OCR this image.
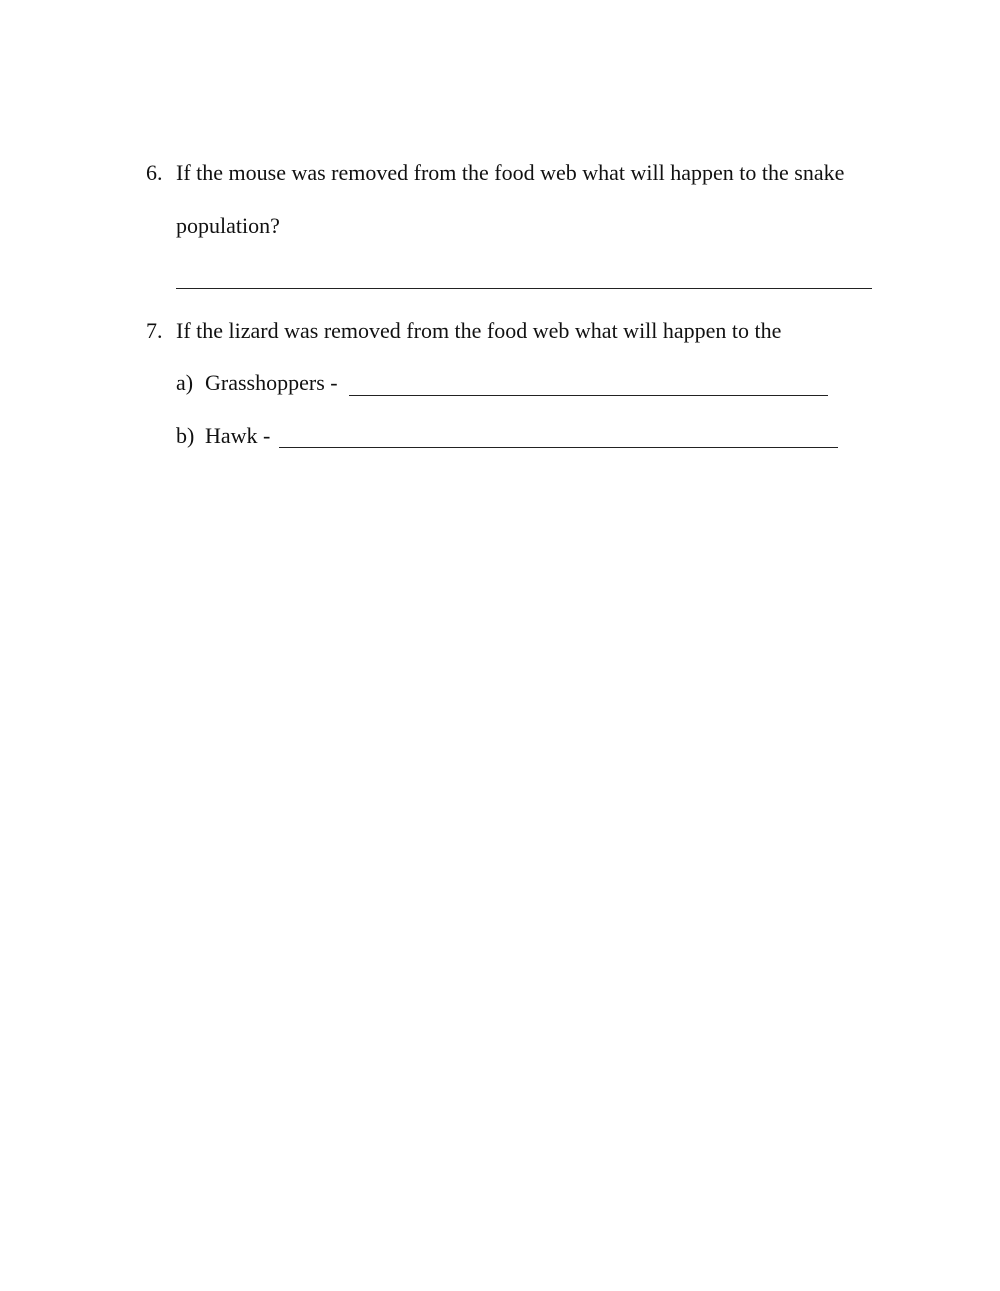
6. If the mouse was removed from the food web what will happen to the snake
population?
7. If the lizard was removed from the food web what will happen to the
a) Grasshoppers -
b) Hawk -
